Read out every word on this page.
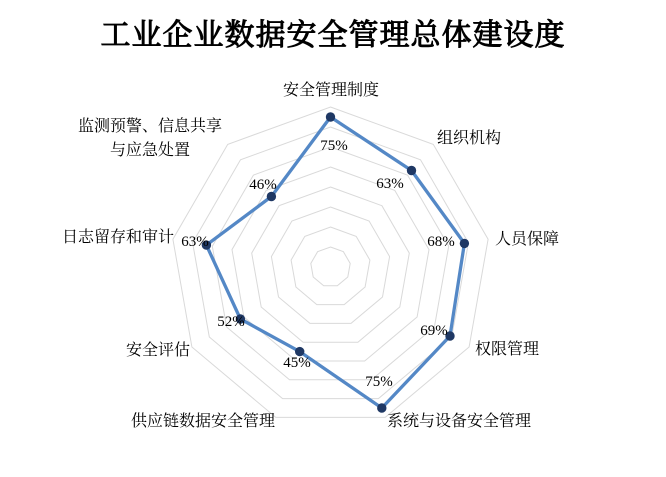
工业企业数据安全管理总体建设度
75%
63%
68%
69%
75%
45%
52%
63%
46%
安全管理制度
组织机构
人员保障
权限管理
系统与设备安全管理
供应链数据安全管理
安全评估
日志留存和审计
监测预警、信息共享与应急处置
